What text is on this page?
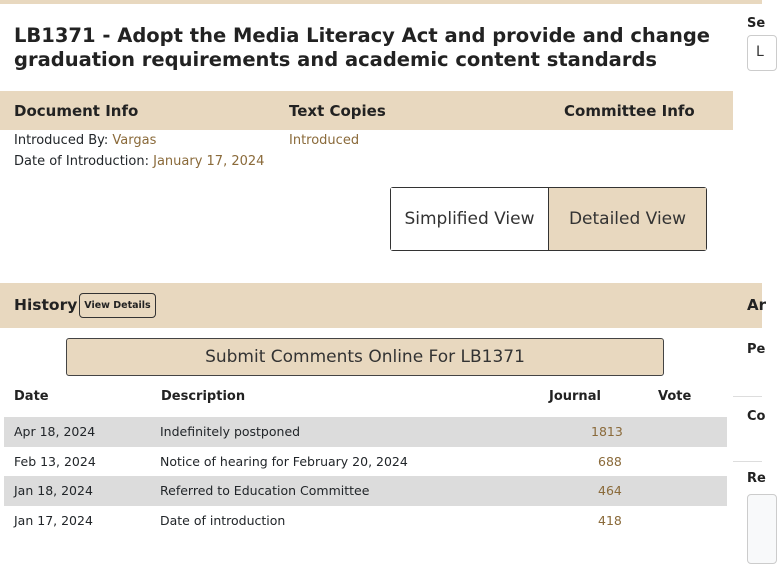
LB1371 - Adopt the Media Literacy Act and provide and change graduation requirements and academic content standards
Document Info	Text Copies	Committee Info
Introduced By: Vargas
Date of Introduction: January 17, 2024
Introduced
Simplified View	Detailed View
History View Details
Submit Comments Online For LB1371
Date	Description	Journal	Vote
Apr 18, 2024	Indefinitely postponed	1813
Feb 13, 2024	Notice of hearing for February 20, 2024	688
Jan 18, 2024	Referred to Education Committee	464
Jan 17, 2024	Date of introduction	418
Se
L
Ar
Pe
Co
Re
